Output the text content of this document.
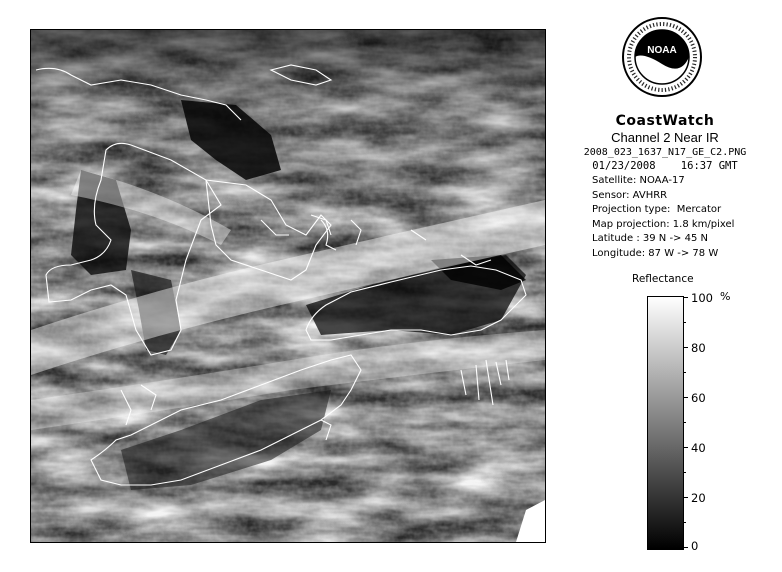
NOAA
CoastWatch
Channel 2 Near IR
2008_023_1637_N17_GE_C2.PNG
01/23/2008    16:37 GMT
Satellite: NOAA-17
Sensor: AVHRR
Projection type:  Mercator
Map projection: 1.8 km/pixel
Latitude : 39 N -> 45 N
Longitude: 87 W -> 78 W
Reflectance
%
100
80
60
40
20
0
